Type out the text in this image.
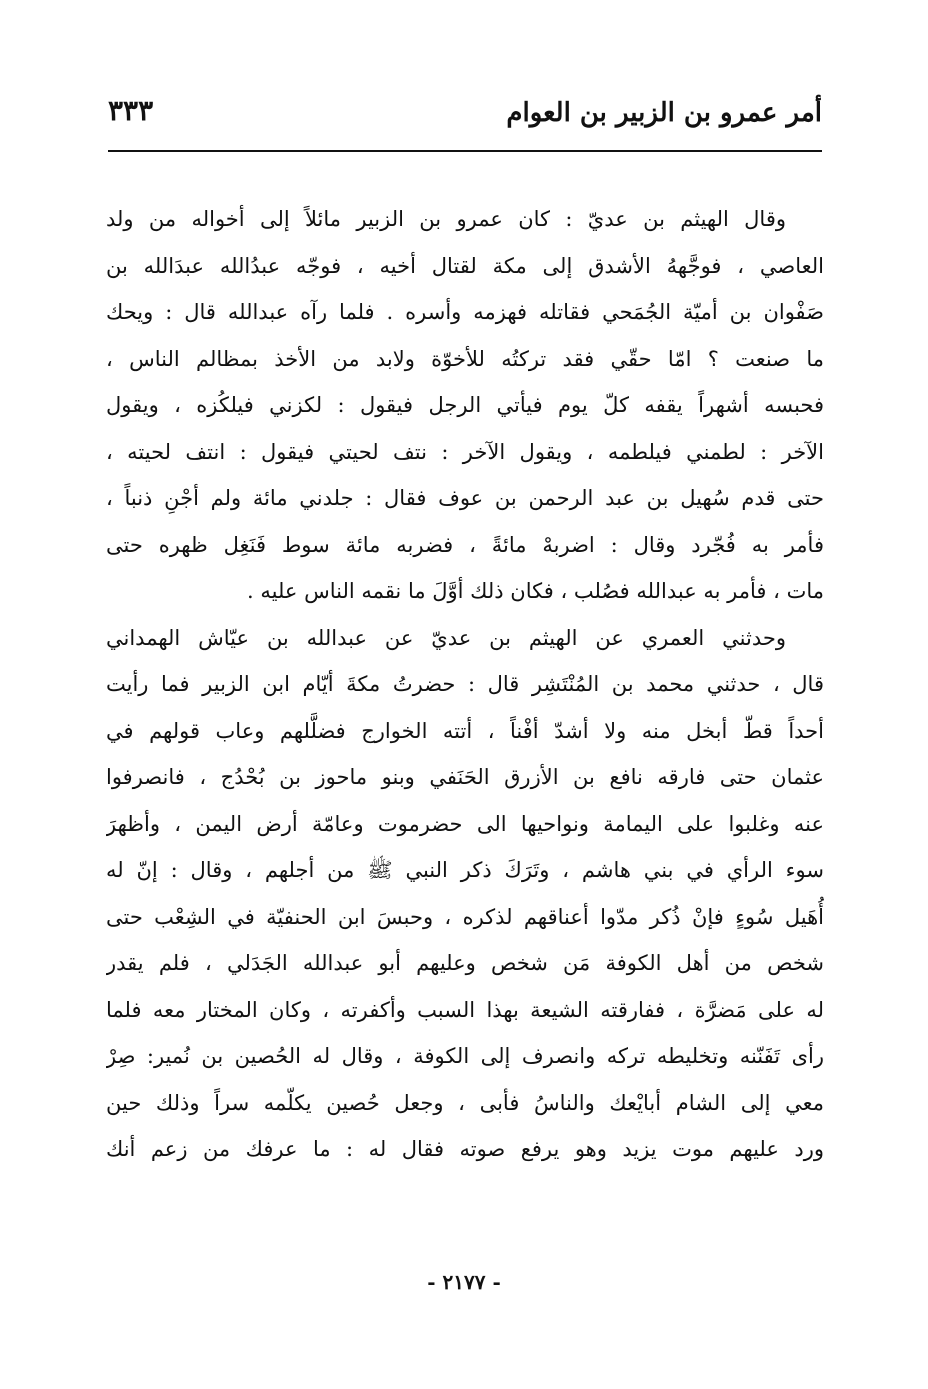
أمر عمرو بن الزبير بن العوام
٣٣٣
وقال الهيثم بن عديّ : كان عمرو بن الزبير مائلاً إلى أخواله من ولد
العاصي ، فوجَّههُ الأشدق إلى مكة لقتال أخيه ، فوجّه عبدُالله عبدَالله بن
صَفْوان بن أميّة الجُمَحي فقاتله فهزمه وأسره . فلما رآه عبدالله قال : ويحك
ما صنعت ؟ امّا حقّي فقد تركتُه للأخوّة ولابد من الأخذ بمظالم الناس ،
فحبسه أشهراً يقفه كلّ يوم فيأتي الرجل فيقول : لكزني فيلكُزه ، ويقول
الآخر : لطمني فيلطمه ، ويقول الآخر : نتف لحيتي فيقول : انتف لحيته ،
حتى قدم سُهيل بن عبد الرحمن بن عوف فقال : جلدني مائة ولم أجْنِ ذنباً ،
فأمر به فُجّرد وقال : اضربهْ مائةً ، فضربه مائة سوط فَنَغِل ظهره حتى
مات ، فأمر به عبدالله فصُلب ، فكان ذلك أوَّلَ ما نقمه الناس عليه .
وحدثني العمري عن الهيثم بن عديّ عن عبدالله بن عيّاش الهمداني
قال ، حدثني محمد بن المُنْتَشِر قال : حضرتُ مكةَ أيّام ابن الزبير فما رأيت
أحداً قطّ أبخل منه ولا أشدّ أفْناً ، أتته الخوارج فضلَّلهم وعاب قولهم في
عثمان حتى فارقه نافع بن الأزرق الحَنَفي وبنو ماحوز بن بُحْدُج ، فانصرفوا
عنه وغلبوا على اليمامة ونواحيها الى حضرموت وعامّة أرض اليمن ، وأظهرَ
سوء الرأي في بني هاشم ، وتَرَكَ ذكر النبي ﷺ من أجلهم ، وقال : إنّ له
أُهَيل سُوءٍ فإنْ ذُكر مدّوا أعناقهم لذكره ، وحبسَ ابن الحنفيّة في الشِعْب حتى
شخص من أهل الكوفة مَن شخص وعليهم أبو عبدالله الجَدَلي ، فلم يقدر
له على مَضرَّة ، ففارقته الشيعة بهذا السبب وأكفرته ، وكان المختار معه فلما
رأى تَفَنّنه وتخليطه تركه وانصرف إلى الكوفة ، وقال له الحُصين بن نُمير: صِرْ
معي إلى الشام أبايْعك والناسُ فأبى ، وجعل حُصين يكلّمه سراً وذلك حين
ورد عليهم موت يزيد وهو يرفع صوته فقال له : ما عرفك من زعم أنك
- ٢١٧٧ -
